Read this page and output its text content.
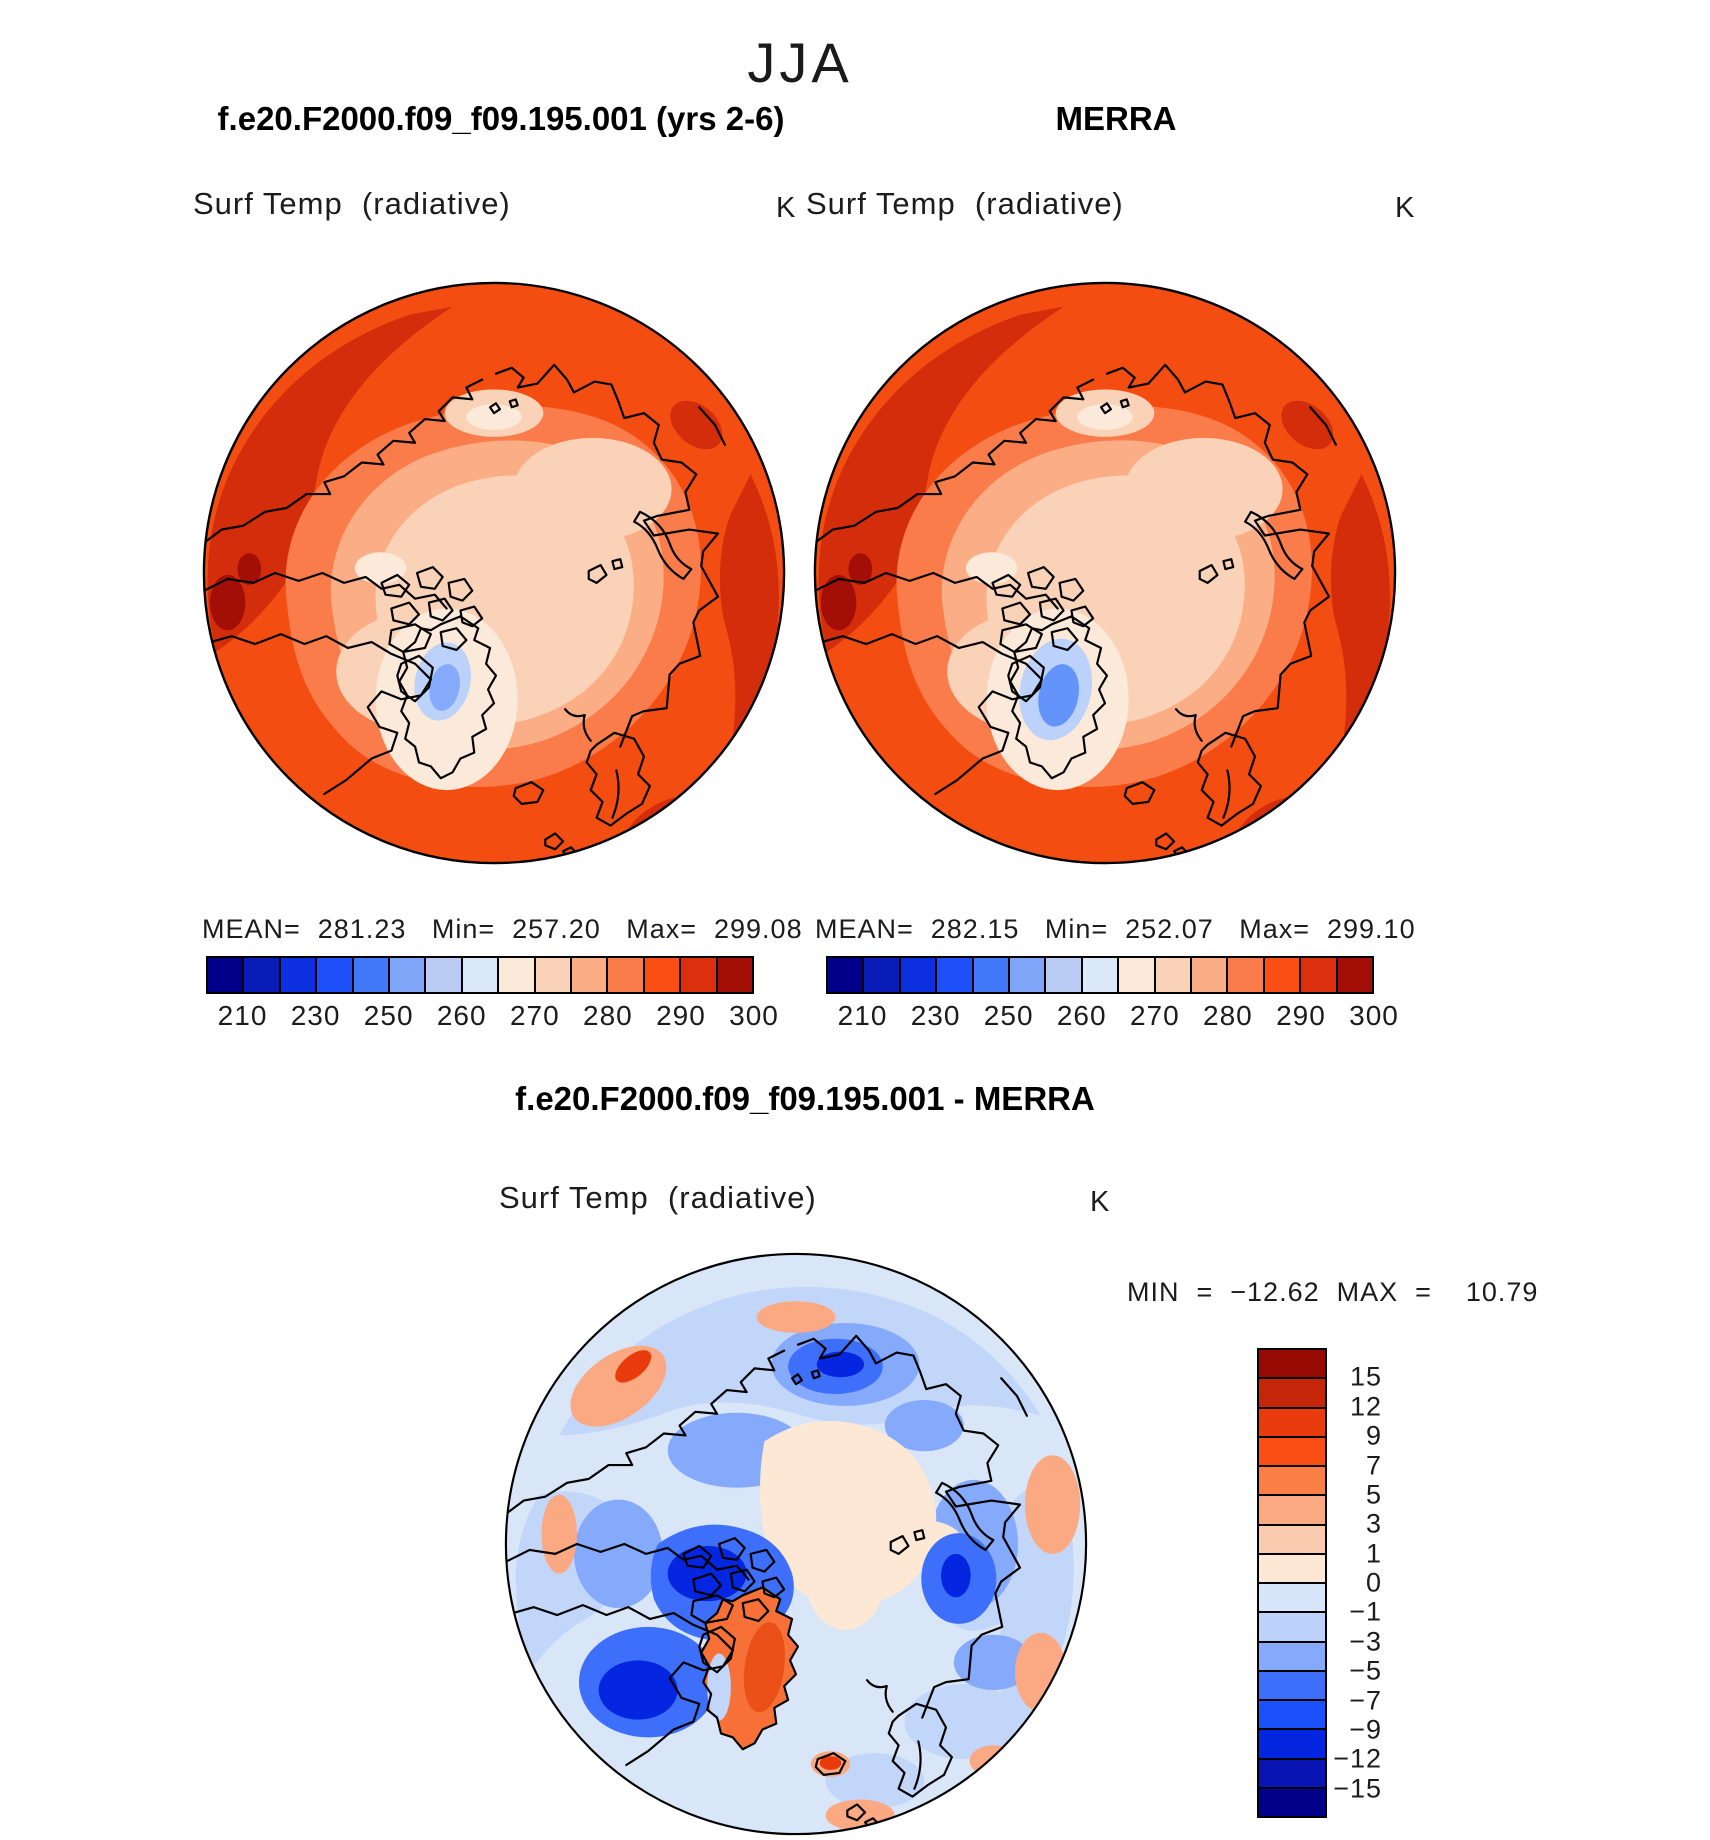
JJA
f.e20.F2000.f09_f09.195.001 (yrs 2-6)	MERRA
Surf Temp  (radiative)	K Surf Temp  (radiative)	K
MEAN=  281.23   Min=  257.20   Max=  299.08 MEAN=  282.15   Min=  252.07   Max=  299.10
210 230 250 260 270 280 290 300 210 230 250 260 270 280 290 300
f.e20.F2000.f09_f09.195.001 - MERRA
Surf Temp  (radiative)	K
MIN  =  −12.62  MAX  =    10.79
15
12
9
7
5
3
1
0
−1
−3
−5
−7
−9
−12
−15
